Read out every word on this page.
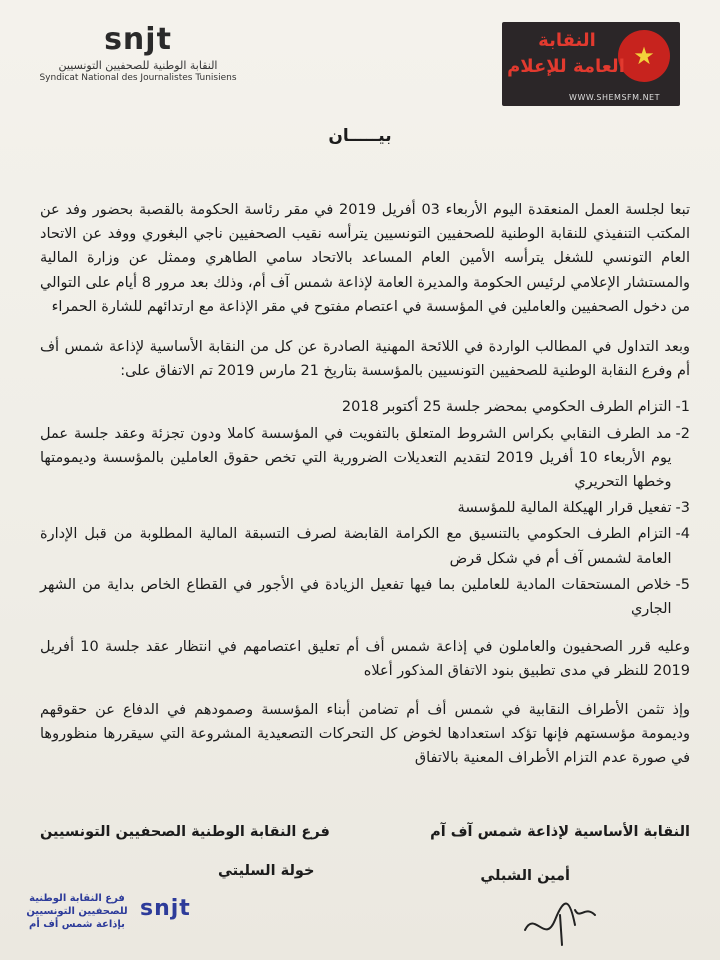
snjt
النقابة الوطنية للصحفيين التونسيين
Syndicat National des Journalistes Tunisiens
★
النقابة
العامة للإعلام
WWW.SHEMSFM.NET
بيـــــان

تبعا لجلسة العمل المنعقدة اليوم الأربعاء 03 أفريل 2019 في مقر رئاسة الحكومة بالقصبة بحضور وفد عن المكتب التنفيذي للنقابة الوطنية للصحفيين التونسيين يترأسه نقيب الصحفيين ناجي البغوري ووفد عن الاتحاد العام التونسي للشغل يترأسه الأمين العام المساعد بالاتحاد سامي الطاهري وممثل عن وزارة المالية والمستشار الإعلامي لرئيس الحكومة والمديرة العامة لإذاعة شمس آف أم، وذلك بعد مرور 8 أيام على التوالي من دخول الصحفيين والعاملين في المؤسسة في اعتصام مفتوح في مقر الإذاعة مع ارتدائهم للشارة الحمراء

وبعد التداول في المطالب الواردة في اللائحة المهنية الصادرة عن كل من النقابة الأساسية لإذاعة شمس أف أم وفرع النقابة الوطنية للصحفيين التونسيين بالمؤسسة بتاريخ 21 مارس 2019 تم الاتفاق على:

1-
التزام الطرف الحكومي بمحضر جلسة 25 أكتوبر 2018
2-
مد الطرف النقابي بكراس الشروط المتعلق بالتفويت في المؤسسة كاملا ودون تجزئة وعقد جلسة عمل يوم الأربعاء 10 أفريل 2019 لتقديم التعديلات الضرورية التي تخص حقوق العاملين بالمؤسسة وديمومتها وخطها التحريري
3-
تفعيل قرار الهيكلة المالية للمؤسسة
4-
التزام الطرف الحكومي بالتنسيق مع الكرامة القابضة لصرف التسبقة المالية المطلوبة من قبل الإدارة العامة لشمس آف أم في شكل قرض
5-
خلاص المستحقات المادية للعاملين بما فيها تفعيل الزيادة في الأجور في القطاع الخاص بداية من الشهر الجاري

وعليه قرر الصحفيون والعاملون في إذاعة شمس أف أم تعليق اعتصامهم في انتظار عقد جلسة 10 أفريل 2019 للنظر في مدى تطبيق بنود الاتفاق المذكور أعلاه

وإذ تثمن الأطراف النقابية في شمس أف أم تضامن أبناء المؤسسة وصمودهم في الدفاع عن حقوقهم وديمومة مؤسستهم فإنها تؤكد استعدادها لخوض كل التحركات التصعيدية المشروعة التي سيقررها منظوروها في صورة عدم التزام الأطراف المعنية بالاتفاق

النقابة الأساسية لإذاعة شمس آف آم
فرع النقابة الوطنية الصحفيين التونسيين
أمين الشبلي
خولة السليتي
فرع النقابة الوطنية للصحفيين التونسيين بإذاعة شمس أف أم
snjt
